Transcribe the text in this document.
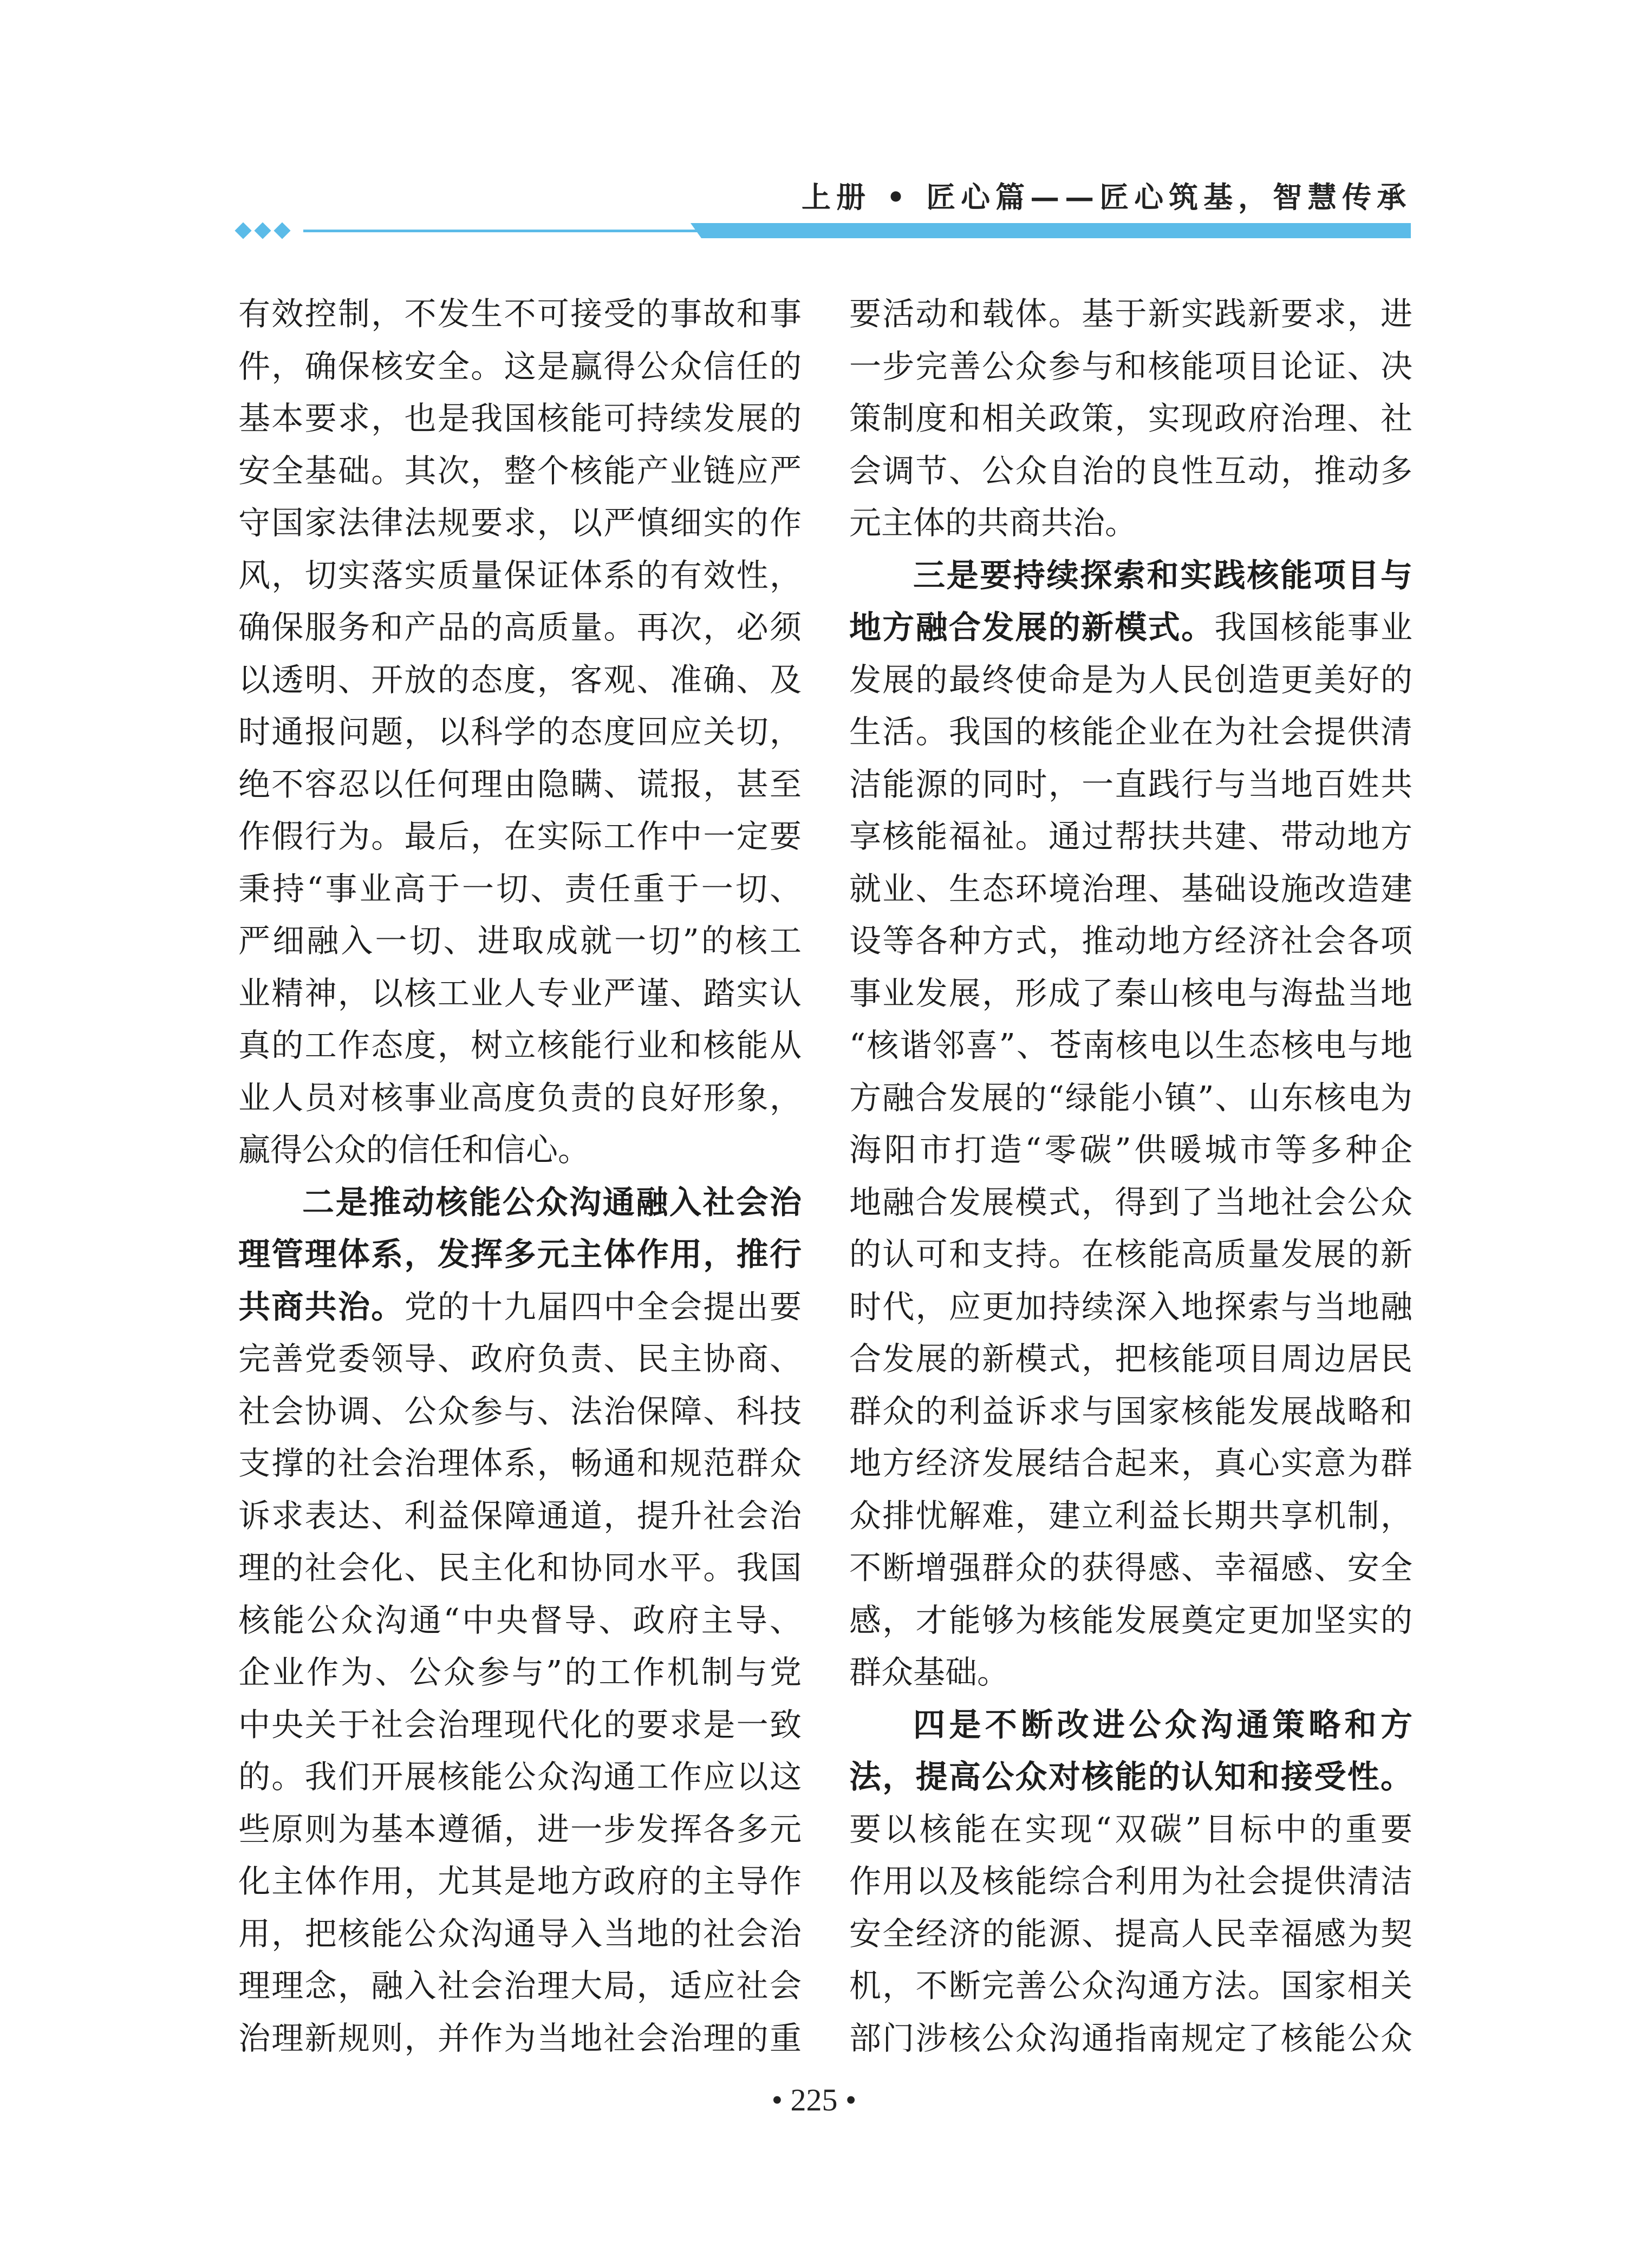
上册 • 匠心篇——匠心筑基，智慧传承
有效控制，不发生不可接受的事故和事
件，确保核安全。这是赢得公众信任的
基本要求，也是我国核能可持续发展的
安全基础。其次，整个核能产业链应严
守国家法律法规要求，以严慎细实的作
风，切实落实质量保证体系的有效性，
确保服务和产品的高质量。再次，必须
以透明、开放的态度，客观、准确、及
时通报问题，以科学的态度回应关切，
绝不容忍以任何理由隐瞒、谎报，甚至
作假行为。最后，在实际工作中一定要
秉持“事业高于一切、责任重于一切、
严细融入一切、进取成就一切”的核工
业精神，以核工业人专业严谨、踏实认
真的工作态度，树立核能行业和核能从
业人员对核事业高度负责的良好形象，
赢得公众的信任和信心。
二是推动核能公众沟通融入社会治
理管理体系，发挥多元主体作用，推行
共商共治。党的十九届四中全会提出要
完善党委领导、政府负责、民主协商、
社会协调、公众参与、法治保障、科技
支撑的社会治理体系，畅通和规范群众
诉求表达、利益保障通道，提升社会治
理的社会化、民主化和协同水平。我国
核能公众沟通“中央督导、政府主导、
企业作为、公众参与”的工作机制与党
中央关于社会治理现代化的要求是一致
的。我们开展核能公众沟通工作应以这
些原则为基本遵循，进一步发挥各多元
化主体作用，尤其是地方政府的主导作
用，把核能公众沟通导入当地的社会治
理理念，融入社会治理大局，适应社会
治理新规则，并作为当地社会治理的重
要活动和载体。基于新实践新要求，进
一步完善公众参与和核能项目论证、决
策制度和相关政策，实现政府治理、社
会调节、公众自治的良性互动，推动多
元主体的共商共治。
三是要持续探索和实践核能项目与
地方融合发展的新模式。我国核能事业
发展的最终使命是为人民创造更美好的
生活。我国的核能企业在为社会提供清
洁能源的同时，一直践行与当地百姓共
享核能福祉。通过帮扶共建、带动地方
就业、生态环境治理、基础设施改造建
设等各种方式，推动地方经济社会各项
事业发展，形成了秦山核电与海盐当地
“核谐邻喜”、苍南核电以生态核电与地
方融合发展的“绿能小镇”、山东核电为
海阳市打造“零碳”供暖城市等多种企
地融合发展模式，得到了当地社会公众
的认可和支持。在核能高质量发展的新
时代，应更加持续深入地探索与当地融
合发展的新模式，把核能项目周边居民
群众的利益诉求与国家核能发展战略和
地方经济发展结合起来，真心实意为群
众排忧解难，建立利益长期共享机制，
不断增强群众的获得感、幸福感、安全
感，才能够为核能发展奠定更加坚实的
群众基础。
四是不断改进公众沟通策略和方
法，提高公众对核能的认知和接受性。
要以核能在实现“双碳”目标中的重要
作用以及核能综合利用为社会提供清洁
安全经济的能源、提高人民幸福感为契
机，不断完善公众沟通方法。国家相关
部门涉核公众沟通指南规定了核能公众
• 225 •
